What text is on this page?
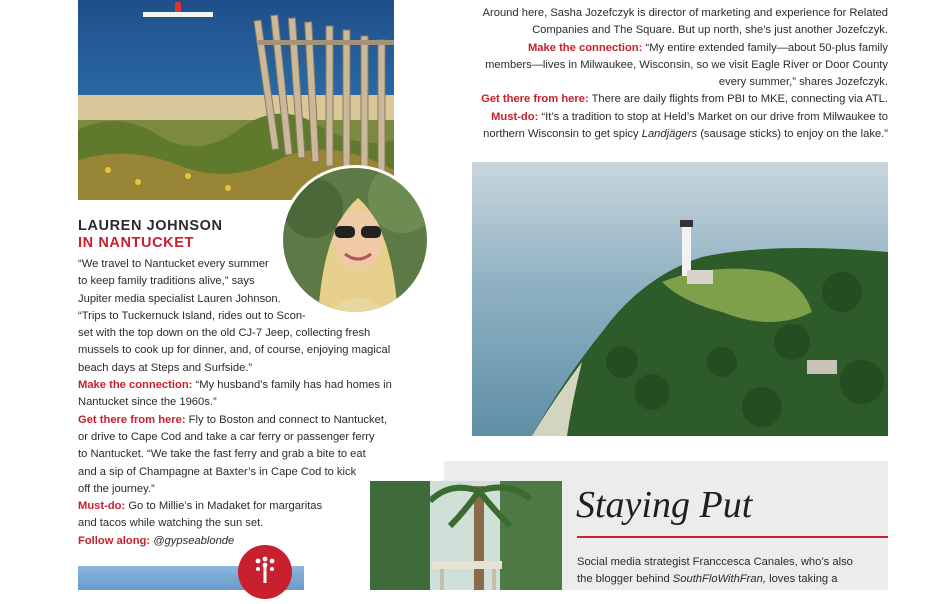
LAUREN JOHNSON
IN NANTUCKET
“We travel to Nantucket every summer
to keep family traditions alive,” says
Jupiter media specialist Lauren Johnson.
“Trips to Tuckernuck Island, rides out to Scon-
set with the top down on the old CJ-7 Jeep, collecting fresh
mussels to cook up for dinner, and, of course, enjoying magical
beach days at Steps and Surfside.”
Make the connection: “My husband’s family has had homes in
Nantucket since the 1960s.”
Get there from here: Fly to Boston and connect to Nantucket,
or drive to Cape Cod and take a car ferry or passenger ferry
to Nantucket. “We take the fast ferry and grab a bite to eat
and a sip of Champagne at Baxter’s in Cape Cod to kick
off the journey.”
Must-do: Go to Millie’s in Madaket for margaritas
and tacos while watching the sun set.
Follow along: @gypseablonde
Around here, Sasha Jozefczyk is director of marketing and experience for Related
Companies and The Square. But up north, she’s just another Jozefczyk.
Make the connection: “My entire extended family—about 50-plus family
members—lives in Milwaukee, Wisconsin, so we visit Eagle River or Door County
every summer,” shares Jozefczyk.
Get there from here: There are daily flights from PBI to MKE, connecting via ATL.
Must-do: “It’s a tradition to stop at Held’s Market on our drive from Milwaukee to
northern Wisconsin to get spicy Landjägers (sausage sticks) to enjoy on the lake.”
Staying Put
Social media strategist Franccesca Canales, who’s also
the blogger behind SouthFloWithFran, loves taking a
